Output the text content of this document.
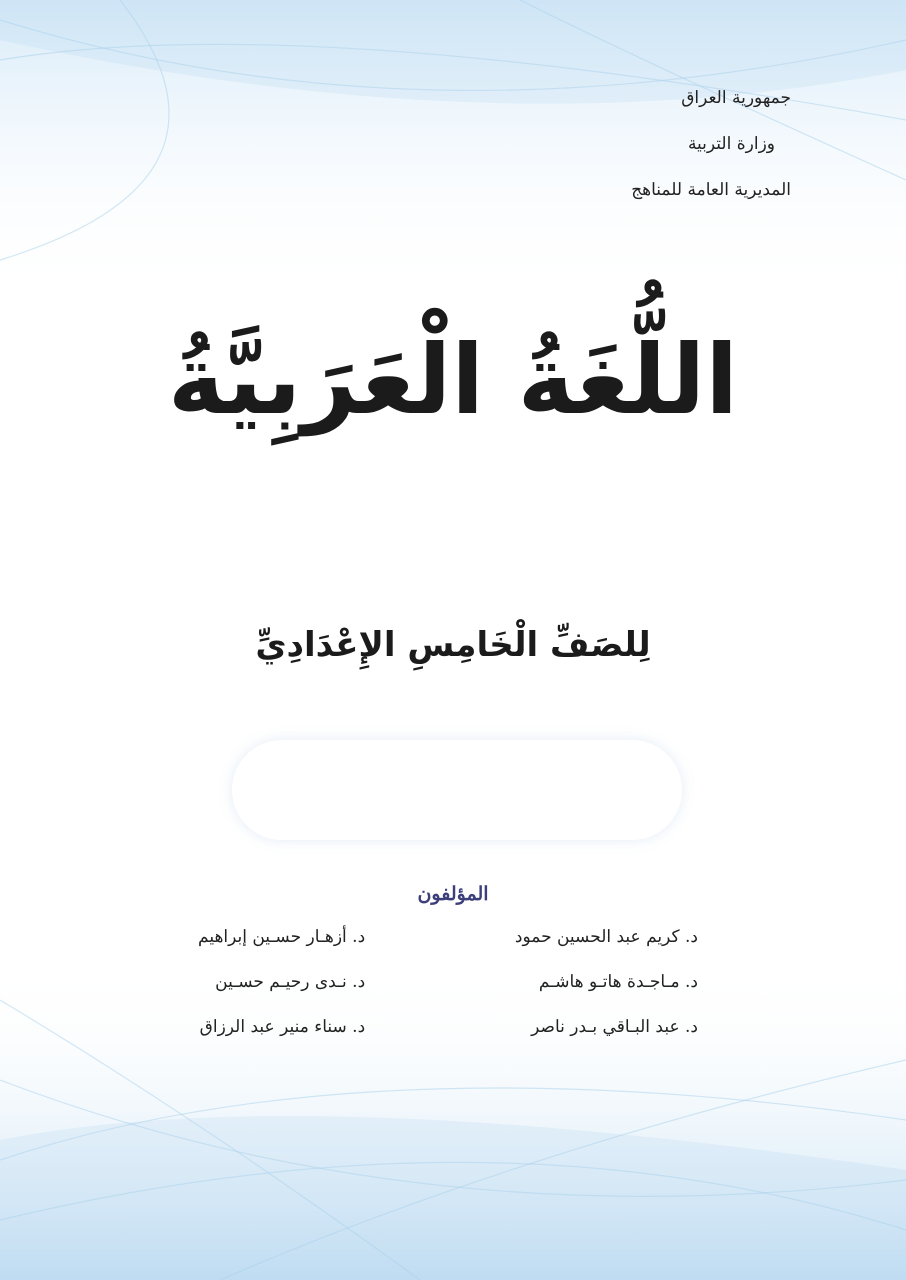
جمهورية العراق
وزارة التربية
المديرية العامة للمناهج
اللُّغَةُ الْعَرَبِيَّةُ
لِلصَفِّ الْخَامِسِ الإِعْدَادِيِّ
المؤلفون
د. كريم عبد الحسين حمود
د. مـاجـدة هاتـو هاشـم
د. عبد البـاقي بـدر ناصر
د. أزهـار حسـين إبراهيم
د. نـدى رحيـم حسـين
د. سناء منير عبد الرزاق
